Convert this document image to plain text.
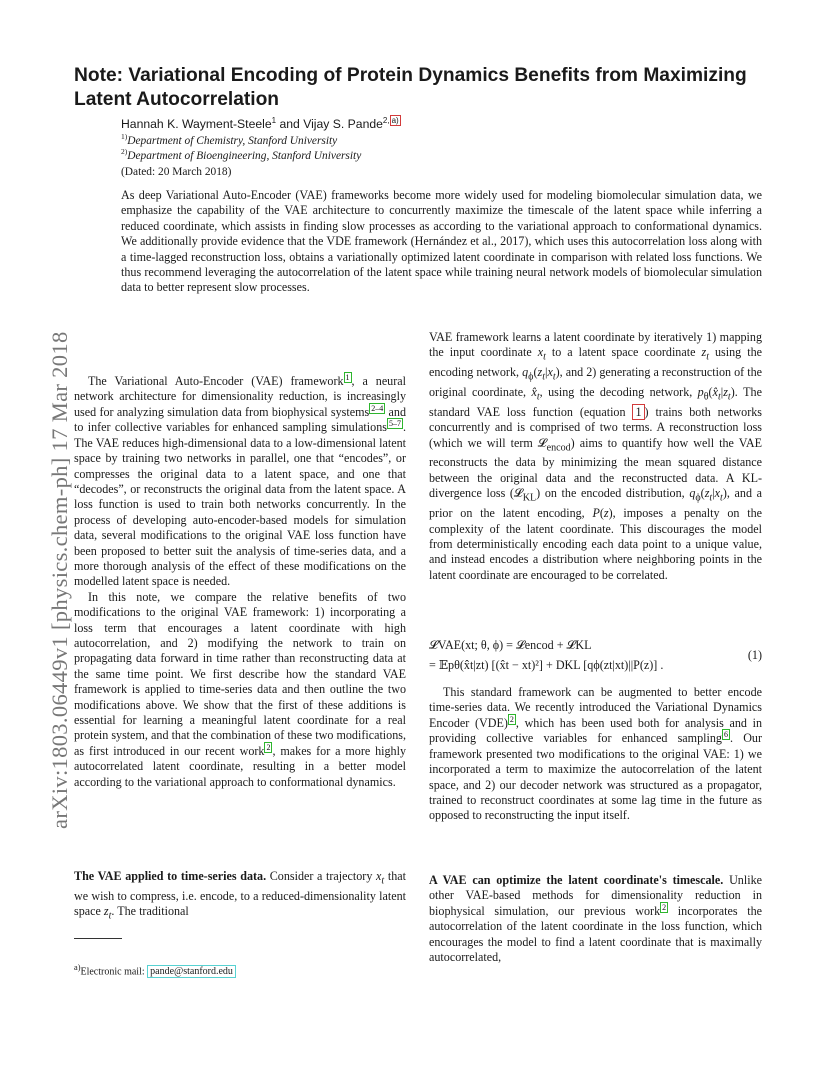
arXiv:1803.06449v1 [physics.chem-ph] 17 Mar 2018
Note: Variational Encoding of Protein Dynamics Benefits from Maximizing Latent Autocorrelation
Hannah K. Wayment-Steele$^1$ and Vijay S. Pande$^{2,}$ $^{a)}$
$^{1)}$Department of Chemistry, Stanford University
$^{2)}$Department of Bioengineering, Stanford University
(Dated: 20 March 2018)

As deep Variational Auto-Encoder (VAE) frameworks become more widely used for modeling biomolecular simulation data, we emphasize the capability of the VAE architecture to concurrently maximize the timescale of the latent space while inferring a reduced coordinate, which assists in finding slow processes as according to the variational approach to conformational dynamics. We additionally provide evidence that the VDE framework (Hernández et al., 2017), which uses this autocorrelation loss along with a time-lagged reconstruction loss, obtains a variationally optimized latent coordinate in comparison with related loss functions. We thus recommend leveraging the autocorrelation of the latent space while training neural network models of biomolecular simulation data to better represent slow processes.

The Variational Auto-Encoder (VAE) framework $^1$ , a neural network architecture for dimensionality reduction, is increasingly used for analyzing simulation data from biophysical systems $^{2-4}$ and to infer collective variables for enhanced sampling simulations $^{5-7}$ . The VAE reduces high-dimensional data to a low-dimensional latent space by training two networks in parallel, one that “encodes”, or compresses the original data to a latent space, and one that “decodes”, or reconstructs the original data from the latent space. A loss function is used to train both networks concurrently. In the process of developing auto-encoder-based models for simulation data, several modifications to the original VAE loss function have been proposed to better suit the analysis of time-series data, and a more thorough analysis of the effect of these modifications on the modelled latent space is needed.

In this note, we compare the relative benefits of two modifications to the original VAE framework: 1) incorporating a loss term that encourages a latent coordinate with high autocorrelation, and 2) modifying the network to train on propagating data forward in time rather than reconstructing data at the same time point. We first describe how the standard VAE framework is applied to time-series data and then outline the two modifications above. We show that the first of these additions is essential for learning a meaningful latent coordinate for a real protein system, and that the combination of these two modifications, as first introduced in our recent work $^2$ , makes for a more highly autocorrelated latent coordinate, resulting in a better model according to the variational approach to conformational dynamics.

The VAE applied to time-series data. Consider a trajectory $x_t$ that we wish to compress, i.e. encode, to a reduced-dimensionality latent space $z_t$. The traditional

$^{a)}$Electronic mail: pande@stanford.edu

VAE framework learns a latent coordinate by iteratively 1) mapping the input coordinate $x_t$ to a latent space coordinate $z_t$ using the encoding network, $q_\phi(z_t|x_t)$, and 2) generating a reconstruction of the original coordinate, $x̂_t$, using the decoding network, $p_\theta(x̂_t|z_t)$. The standard VAE loss function (equation 1 ) trains both networks concurrently and is comprised of two terms. A reconstruction loss (which we will term 𝓛$_{encod}$) aims to quantify how well the VAE reconstructs the data by minimizing the mean squared distance between the original data and the reconstructed data. A KL-divergence loss (𝓛$_{KL}$) on the encoded distribution, $q_\phi(z_t|x_t)$, and a prior on the latent encoding, P(z), imposes a penalty on the complexity of the latent coordinate. This discourages the model from deterministically encoding each data point to a unique value, and instead encodes a distribution where neighboring points in the latent coordinate are encouraged to be correlated.

𝓛VAE(xt; θ, ϕ) = 𝓛encod + 𝓛KL
= 𝔼pθ(x̂t|zt) [(x̂t − xt)²] + DKL [qϕ(zt|xt)||P(z)] .
(1)

This standard framework can be augmented to better encode time-series data. We recently introduced the Variational Dynamics Encoder (VDE) $^2$ , which has been used both for analysis and in providing collective variables for enhanced sampling $^6$ . Our framework presented two modifications to the original VAE: 1) we incorporated a term to maximize the autocorrelation of the latent space, and 2) our decoder network was structured as a propagator, trained to reconstruct coordinates at some lag time in the future as opposed to reconstructing the input itself.

A VAE can optimize the latent coordinate's timescale. Unlike other VAE-based methods for dimensionality reduction in biophysical simulation, our previous work $^2$ incorporates the autocorrelation of the latent coordinate in the loss function, which encourages the model to find a latent coordinate that is maximally autocorrelated,
